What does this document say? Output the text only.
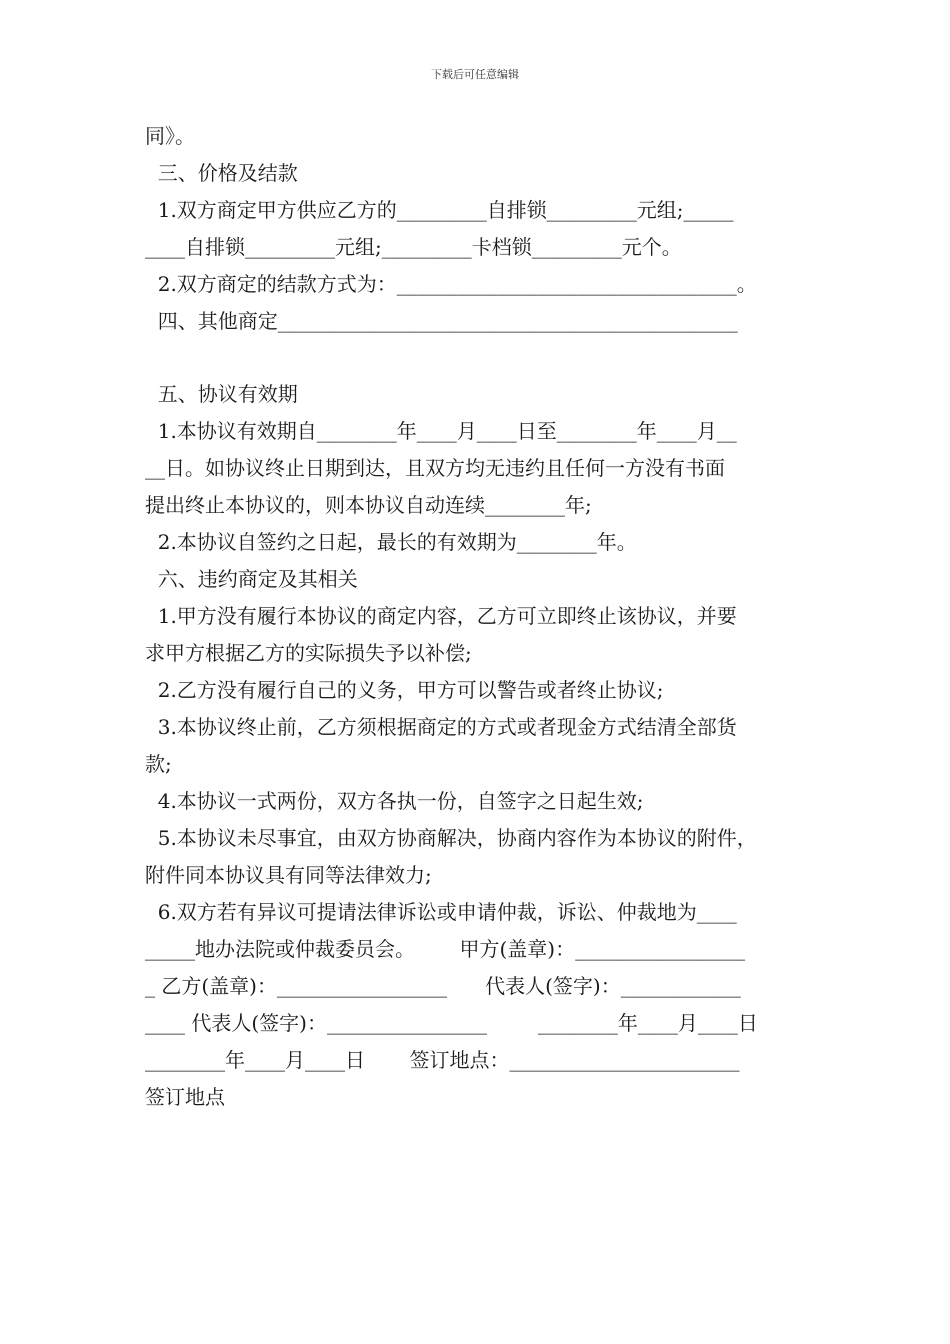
下载后可任意编辑
同》。
三、价格及结款
1.双方商定甲方供应乙方的_________自排锁_________元组;_____
____自排锁_________元组;_________卡档锁_________元个。
2.双方商定的结款方式为：__________________________________。
四、其他商定______________________________________________
五、协议有效期
1.本协议有效期自________年____月____日至________年____月__
__日。如协议终止日期到达，且双方均无违约且任何一方没有书面
提出终止本协议的，则本协议自动连续________年;
2.本协议自签约之日起，最长的有效期为________年。
六、违约商定及其相关
1.甲方没有履行本协议的商定内容，乙方可立即终止该协议，并要
求甲方根据乙方的实际损失予以补偿;
2.乙方没有履行自己的义务，甲方可以警告或者终止协议;
3.本协议终止前，乙方须根据商定的方式或者现金方式结清全部货
款;
4.本协议一式两份，双方各执一份，自签字之日起生效;
5.本协议未尽事宜，由双方协商解决，协商内容作为本协议的附件，
附件同本协议具有同等法律效力;
6.双方若有异议可提请法律诉讼或申请仲裁，诉讼、仲裁地为____
_____地办法院或仲裁委员会。       甲方(盖章)：_________________
_ 乙方(盖章)：_________________      代表人(签字)：____________
____ 代表人(签字)：________________        ________年____月____日
________年____月____日       签订地点：_______________________
签订地点
